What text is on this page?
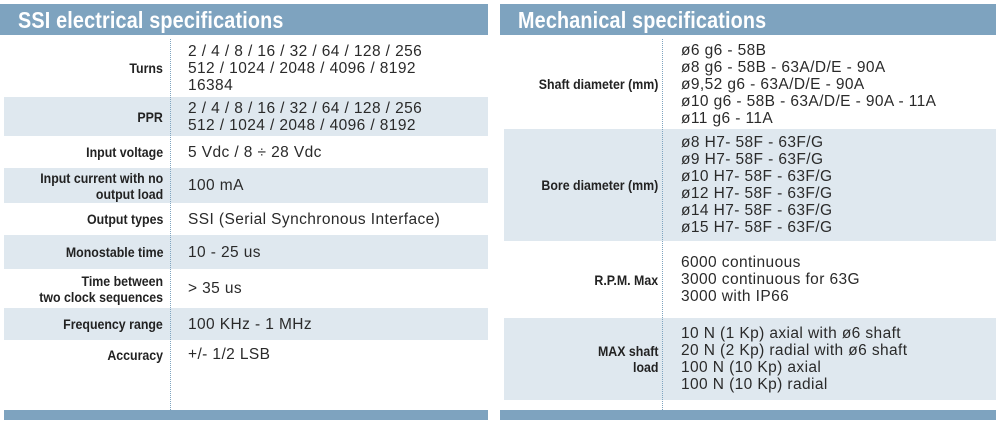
SSI electrical specifications
Turns
2 / 4 / 8 / 16 / 32 / 64 / 128 / 256
512 / 1024 / 2048 / 4096 / 8192
16384
PPR 2 / 4 / 8 / 16 / 32 / 64 / 128 / 256
512 / 1024 / 2048 / 4096 / 8192
Input voltage 5 Vdc / 8 ÷ 28 Vdc
Input current with no
output load 100 mA
Output types SSI (Serial Synchronous Interface)
Monostable time 10 - 25 us
Time between
two clock sequences > 35 us
Frequency range 100 KHz - 1 MHz
Accuracy +/- 1/2 LSB
Mechanical specifications
Shaft diameter (mm)
ø6 g6 - 58B
ø8 g6 - 58B - 63A/D/E - 90A
ø9,52 g6 - 63A/D/E - 90A
ø10 g6 - 58B - 63A/D/E - 90A - 11A
ø11 g6 - 11A
Bore diameter (mm)
ø8 H7- 58F - 63F/G
ø9 H7- 58F - 63F/G
ø10 H7- 58F - 63F/G
ø12 H7- 58F - 63F/G
ø14 H7- 58F - 63F/G
ø15 H7- 58F - 63F/G
R.P.M. Max
6000 continuous
3000 continuous for 63G
3000 with IP66
MAX shaft
load
10 N (1 Kp) axial with ø6 shaft
20 N (2 Kp) radial with ø6 shaft
100 N (10 Kp) axial
100 N (10 Kp) radial
